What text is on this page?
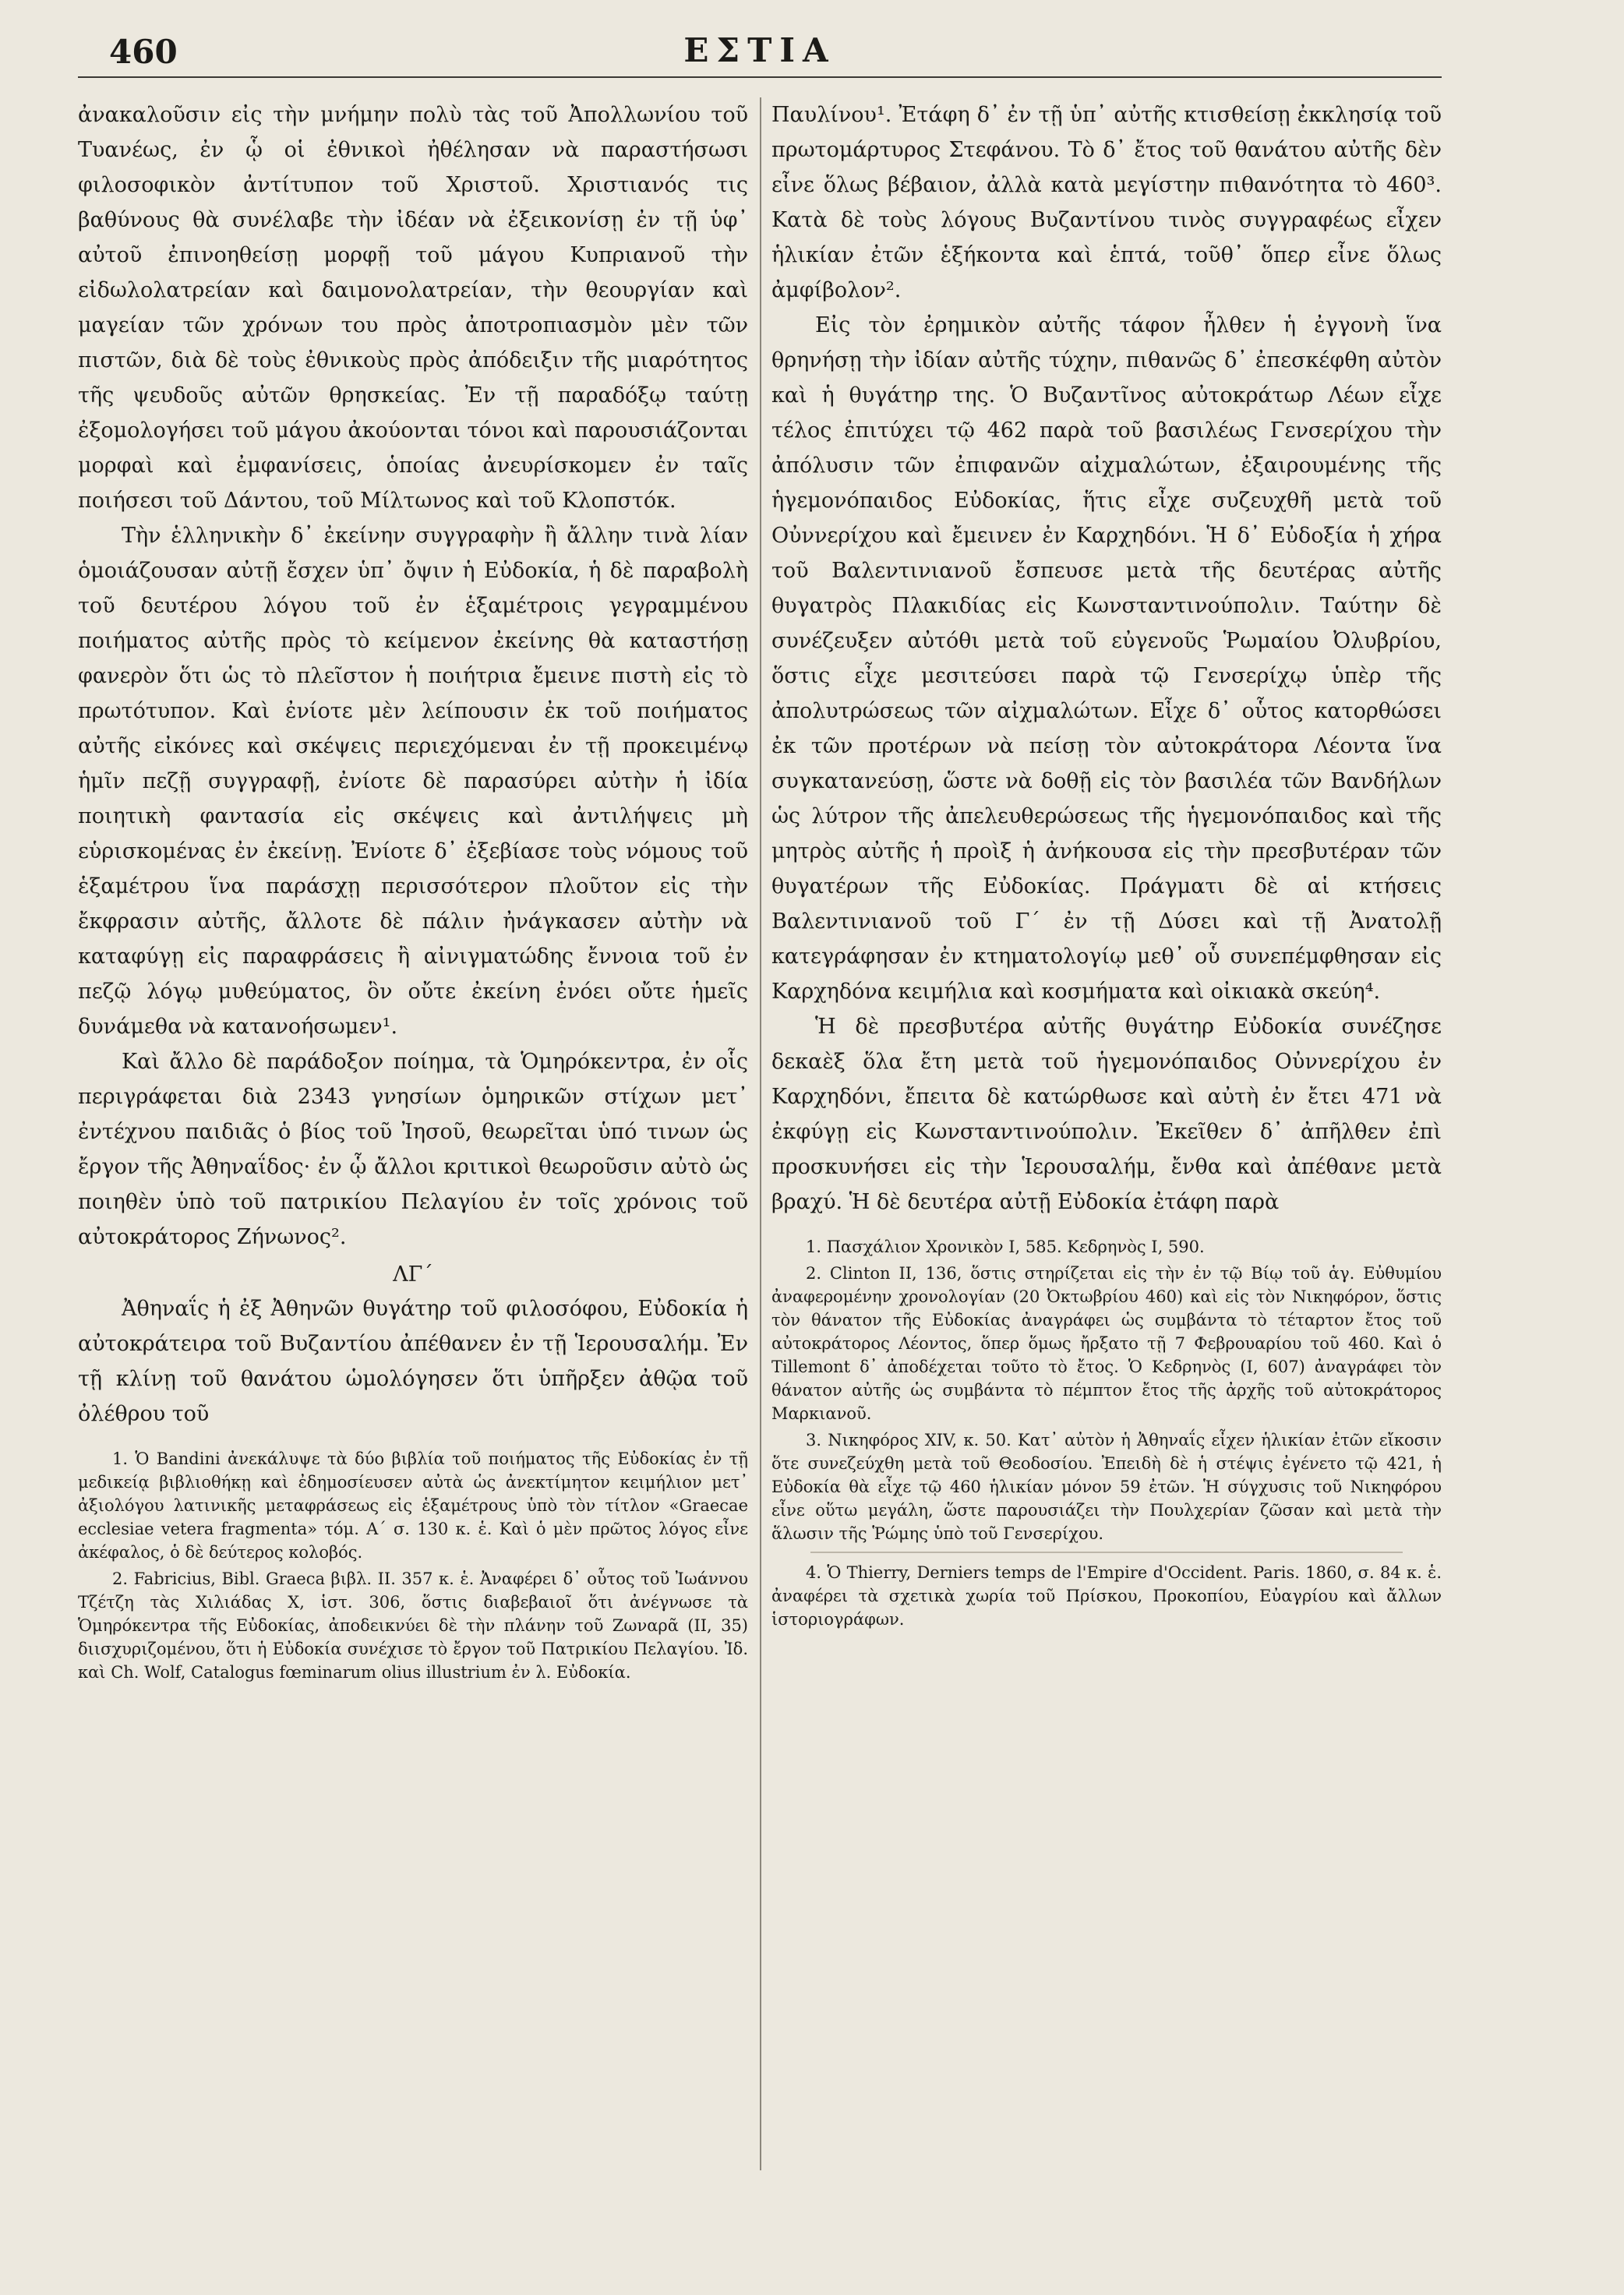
460	ΕΣΤΙΑ

ἀνακαλοῦσιν εἰς τὴν μνήμην πολὺ τὰς τοῦ Ἀπολλωνίου τοῦ Τυανέως, ἐν ᾧ οἱ ἐθνικοὶ ἠθέλησαν νὰ παραστήσωσι φιλοσοφικὸν ἀντίτυπον τοῦ Χριστοῦ. Χριστιανός τις βαθύνους θὰ συνέλαβε τὴν ἰδέαν νὰ ἐξεικονίσῃ ἐν τῇ ὑφ᾽ αὐτοῦ ἐπινοηθείσῃ μορφῇ τοῦ μάγου Κυπριανοῦ τὴν εἰδωλολατρείαν καὶ δαιμονολατρείαν, τὴν θεουργίαν καὶ μαγείαν τῶν χρόνων του πρὸς ἀποτροπιασμὸν μὲν τῶν πιστῶν, διὰ δὲ τοὺς ἐθνικοὺς πρὸς ἀπόδειξιν τῆς μιαρότητος τῆς ψευδοῦς αὐτῶν θρησκείας. Ἐν τῇ παραδόξῳ ταύτῃ ἐξομολογήσει τοῦ μάγου ἀκούονται τόνοι καὶ παρουσιάζονται μορφαὶ καὶ ἐμφανίσεις, ὁποίας ἀνευρίσκομεν ἐν ταῖς ποιήσεσι τοῦ Δάντου, τοῦ Μίλτωνος καὶ τοῦ Κλοπστόκ.

Τὴν ἑλληνικὴν δ᾽ ἐκείνην συγγραφὴν ἢ ἄλλην τινὰ λίαν ὁμοιάζουσαν αὐτῇ ἔσχεν ὑπ᾽ ὄψιν ἡ Εὐδοκία, ἡ δὲ παραβολὴ τοῦ δευτέρου λόγου τοῦ ἐν ἑξαμέτροις γεγραμμένου ποιήματος αὐτῆς πρὸς τὸ κείμενον ἐκείνης θὰ καταστήσῃ φανερὸν ὅτι ὡς τὸ πλεῖστον ἡ ποιήτρια ἔμεινε πιστὴ εἰς τὸ πρωτότυπον. Καὶ ἐνίοτε μὲν λείπουσιν ἐκ τοῦ ποιήματος αὐτῆς εἰκόνες καὶ σκέψεις περιεχόμεναι ἐν τῇ προκειμένῳ ἡμῖν πεζῇ συγγραφῇ, ἐνίοτε δὲ παρασύρει αὐτὴν ἡ ἰδία ποιητικὴ φαντασία εἰς σκέψεις καὶ ἀντιλήψεις μὴ εὑρισκομένας ἐν ἐκείνῃ. Ἐνίοτε δ᾽ ἐξεβίασε τοὺς νόμους τοῦ ἑξαμέτρου ἵνα παράσχῃ περισσότερον πλοῦτον εἰς τὴν ἔκφρασιν αὐτῆς, ἄλλοτε δὲ πάλιν ἠνάγκασεν αὐτὴν νὰ καταφύγῃ εἰς παραφράσεις ἢ αἰνιγματώδης ἔννοια τοῦ ἐν πεζῷ λόγῳ μυθεύματος, ὃν οὔτε ἐκείνη ἐνόει οὔτε ἡμεῖς δυνάμεθα νὰ κατανοήσωμεν¹.

Καὶ ἄλλο δὲ παράδοξον ποίημα, τὰ Ὁμηρόκεντρα, ἐν οἷς περιγράφεται διὰ 2343 γνησίων ὁμηρικῶν στίχων μετ᾽ ἐντέχνου παιδιᾶς ὁ βίος τοῦ Ἰησοῦ, θεωρεῖται ὑπό τινων ὡς ἔργον τῆς Ἀθηναΐδος· ἐν ᾧ ἄλλοι κριτικοὶ θεωροῦσιν αὐτὸ ὡς ποιηθὲν ὑπὸ τοῦ πατρικίου Πελαγίου ἐν τοῖς χρόνοις τοῦ αὐτοκράτορος Ζήνωνος².

ΛΓ´

Ἀθηναΐς ἡ ἐξ Ἀθηνῶν θυγάτηρ τοῦ φιλοσόφου, Εὐδοκία ἡ αὐτοκράτειρα τοῦ Βυζαντίου ἀπέθανεν ἐν τῇ Ἱερουσαλήμ. Ἐν τῇ κλίνῃ τοῦ θανάτου ὡμολόγησεν ὅτι ὑπῆρξεν ἀθῷα τοῦ ὀλέθρου τοῦ

1. Ὁ Bandini ἀνεκάλυψε τὰ δύο βιβλία τοῦ ποιήματος τῆς Εὐδοκίας ἐν τῇ μεδικείᾳ βιβλιοθήκῃ καὶ ἐδημοσίευσεν αὐτὰ ὡς ἀνεκτίμητον κειμήλιον μετ᾽ ἀξιολόγου λατινικῆς μεταφράσεως εἰς ἑξαμέτρους ὑπὸ τὸν τίτλον «Graecae ecclesiae vetera fragmenta» τόμ. Α´ σ. 130 κ. ἑ. Καὶ ὁ μὲν πρῶτος λόγος εἶνε ἀκέφαλος, ὁ δὲ δεύτερος κολοβός.

2. Fabricius, Bibl. Graeca βιβλ. II. 357 κ. ἑ. Ἀναφέρει δ᾽ οὗτος τοῦ Ἰωάννου Τζέτζη τὰς Χιλιάδας X, ἱστ. 306, ὅστις διαβεβαιοῖ ὅτι ἀνέγνωσε τὰ Ὁμηρόκεντρα τῆς Εὐδοκίας, ἀποδεικνύει δὲ τὴν πλάνην τοῦ Ζωναρᾶ (II, 35) διισχυριζομένου, ὅτι ἡ Εὐδοκία συνέχισε τὸ ἔργον τοῦ Πατρικίου Πελαγίου. Ἰδ. καὶ Ch. Wolf, Catalogus fœminarum olius illustrium ἐν λ. Εὐδοκία.

Παυλίνου¹. Ἐτάφη δ᾽ ἐν τῇ ὑπ᾽ αὐτῆς κτισθείσῃ ἐκκλησίᾳ τοῦ πρωτομάρτυρος Στεφάνου. Τὸ δ᾽ ἔτος τοῦ θανάτου αὐτῆς δὲν εἶνε ὅλως βέβαιον, ἀλλὰ κατὰ μεγίστην πιθανότητα τὸ 460³. Κατὰ δὲ τοὺς λόγους Βυζαντίνου τινὸς συγγραφέως εἶχεν ἡλικίαν ἐτῶν ἑξήκοντα καὶ ἑπτά, τοῦθ᾽ ὅπερ εἶνε ὅλως ἀμφίβολον².

Εἰς τὸν ἐρημικὸν αὐτῆς τάφον ἦλθεν ἡ ἐγγονὴ ἵνα θρηνήσῃ τὴν ἰδίαν αὐτῆς τύχην, πιθανῶς δ᾽ ἐπεσκέφθη αὐτὸν καὶ ἡ θυγάτηρ της. Ὁ Βυζαντῖνος αὐτοκράτωρ Λέων εἶχε τέλος ἐπιτύχει τῷ 462 παρὰ τοῦ βασιλέως Γενσερίχου τὴν ἀπόλυσιν τῶν ἐπιφανῶν αἰχμαλώτων, ἐξαιρουμένης τῆς ἡγεμονόπαιδος Εὐδοκίας, ἥτις εἶχε συζευχθῆ μετὰ τοῦ Οὐννερίχου καὶ ἔμεινεν ἐν Καρχηδόνι. Ἡ δ᾽ Εὐδοξία ἡ χήρα τοῦ Βαλεντινιανοῦ ἔσπευσε μετὰ τῆς δευτέρας αὐτῆς θυγατρὸς Πλακιδίας εἰς Κωνσταντινούπολιν. Ταύτην δὲ συνέζευξεν αὐτόθι μετὰ τοῦ εὐγενοῦς Ῥωμαίου Ὀλυβρίου, ὅστις εἶχε μεσιτεύσει παρὰ τῷ Γενσερίχῳ ὑπὲρ τῆς ἀπολυτρώσεως τῶν αἰχμαλώτων. Εἶχε δ᾽ οὗτος κατορθώσει ἐκ τῶν προτέρων νὰ πείσῃ τὸν αὐτοκράτορα Λέοντα ἵνα συγκατανεύσῃ, ὥστε νὰ δοθῇ εἰς τὸν βασιλέα τῶν Βανδήλων ὡς λύτρον τῆς ἀπελευθερώσεως τῆς ἡγεμονόπαιδος καὶ τῆς μητρὸς αὐτῆς ἡ προὶξ ἡ ἀνήκουσα εἰς τὴν πρεσβυτέραν τῶν θυγατέρων τῆς Εὐδοκίας. Πράγματι δὲ αἱ κτήσεις Βαλεντινιανοῦ τοῦ Γ´ ἐν τῇ Δύσει καὶ τῇ Ἀνατολῇ κατεγράφησαν ἐν κτηματολογίῳ μεθ᾽ οὗ συνεπέμφθησαν εἰς Καρχηδόνα κειμήλια καὶ κοσμήματα καὶ οἰκιακὰ σκεύη⁴.

Ἡ δὲ πρεσβυτέρα αὐτῆς θυγάτηρ Εὐδοκία συνέζησε δεκαὲξ ὅλα ἔτη μετὰ τοῦ ἡγεμονόπαιδος Οὐννερίχου ἐν Καρχηδόνι, ἔπειτα δὲ κατώρθωσε καὶ αὐτὴ ἐν ἔτει 471 νὰ ἐκφύγῃ εἰς Κωνσταντινούπολιν. Ἐκεῖθεν δ᾽ ἀπῆλθεν ἐπὶ προσκυνήσει εἰς τὴν Ἱερουσαλήμ, ἔνθα καὶ ἀπέθανε μετὰ βραχύ. Ἡ δὲ δευτέρα αὐτῇ Εὐδοκία ἐτάφη παρὰ

1. Πασχάλιον Χρονικὸν I, 585. Κεδρηνὸς I, 590.

2. Clinton II, 136, ὅστις στηρίζεται εἰς τὴν ἐν τῷ Βίῳ τοῦ ἁγ. Εὐθυμίου ἀναφερομένην χρονολογίαν (20 Ὀκτωβρίου 460) καὶ εἰς τὸν Νικηφόρον, ὅστις τὸν θάνατον τῆς Εὐδοκίας ἀναγράφει ὡς συμβάντα τὸ τέταρτον ἔτος τοῦ αὐτοκράτορος Λέοντος, ὅπερ ὅμως ἤρξατο τῇ 7 Φεβρουαρίου τοῦ 460. Καὶ ὁ Tillemont δ᾽ ἀποδέχεται τοῦτο τὸ ἔτος. Ὁ Κεδρηνὸς (I, 607) ἀναγράφει τὸν θάνατον αὐτῆς ὡς συμβάντα τὸ πέμπτον ἔτος τῆς ἀρχῆς τοῦ αὐτοκράτορος Μαρκιανοῦ.

3. Νικηφόρος XIV, κ. 50. Κατ᾽ αὐτὸν ἡ Ἀθηναΐς εἶχεν ἡλικίαν ἐτῶν εἴκοσιν ὅτε συνεζεύχθη μετὰ τοῦ Θεοδοσίου. Ἐπειδὴ δὲ ἡ στέψις ἐγένετο τῷ 421, ἡ Εὐδοκία θὰ εἶχε τῷ 460 ἡλικίαν μόνον 59 ἐτῶν. Ἡ σύγχυσις τοῦ Νικηφόρου εἶνε οὕτω μεγάλη, ὥστε παρουσιάζει τὴν Πουλχερίαν ζῶσαν καὶ μετὰ τὴν ἅλωσιν τῆς Ῥώμης ὑπὸ τοῦ Γενσερίχου.

4. Ὁ Thierry, Derniers temps de l'Empire d'Occident. Paris. 1860, σ. 84 κ. ἑ. ἀναφέρει τὰ σχετικὰ χωρία τοῦ Πρίσκου, Προκοπίου, Εὐαγρίου καὶ ἄλλων ἱστοριογράφων.
